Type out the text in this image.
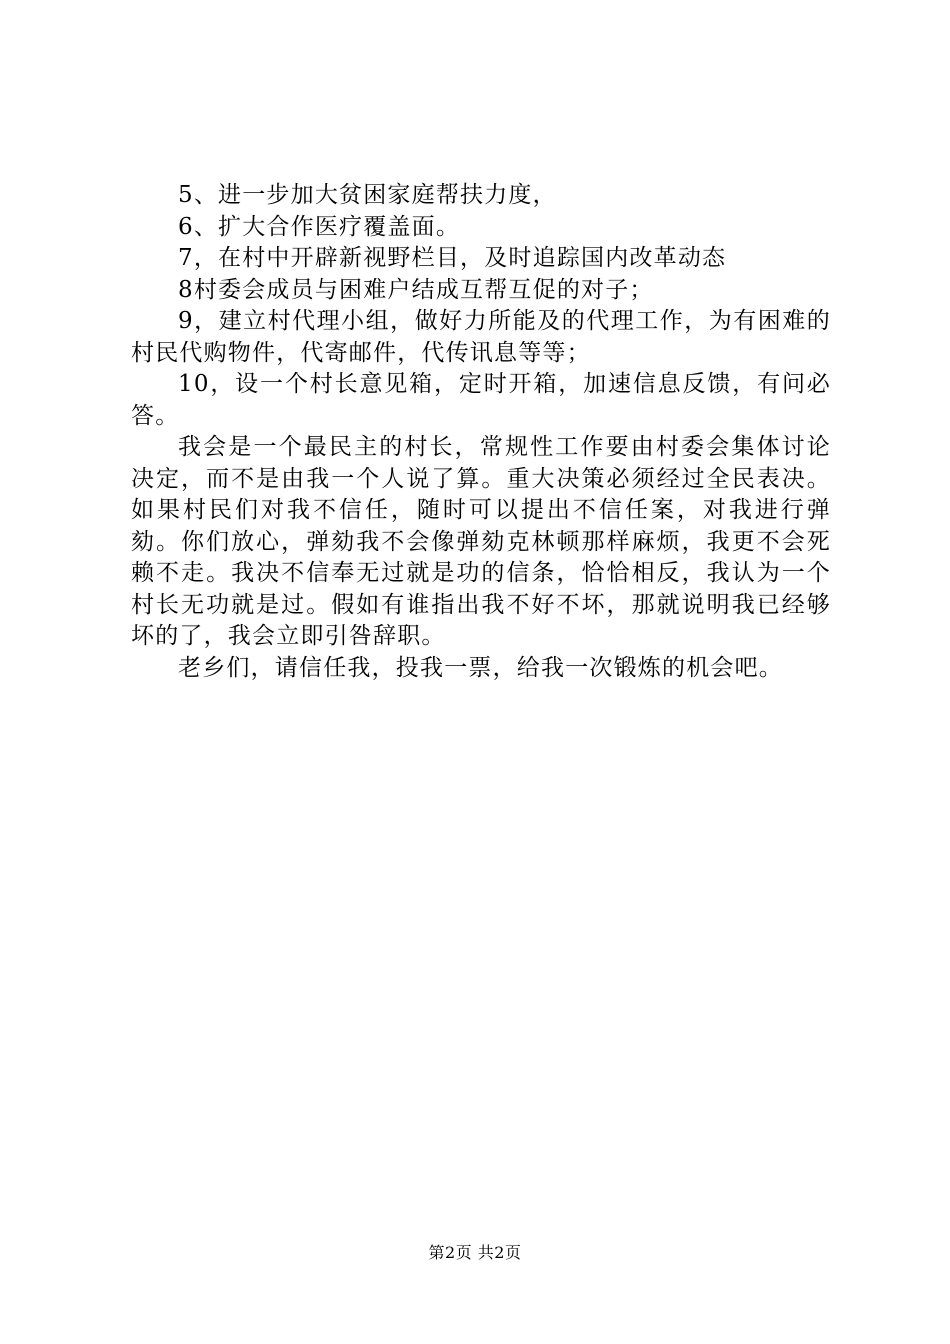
5、进一步加大贫困家庭帮扶力度，

6、扩大合作医疗覆盖面。

7，在村中开辟新视野栏目，及时追踪国内改革动态

8村委会成员与困难户结成互帮互促的对子；

9，建立村代理小组，做好力所能及的代理工作，为有困难的村民代购物件，代寄邮件，代传讯息等等；

10，设一个村长意见箱，定时开箱，加速信息反馈，有问必答。

我会是一个最民主的村长，常规性工作要由村委会集体讨论决定，而不是由我一个人说了算。重大决策必须经过全民表决。如果村民们对我不信任，随时可以提出不信任案，对我进行弹劾。你们放心，弹劾我不会像弹劾克林顿那样麻烦，我更不会死赖不走。我决不信奉无过就是功的信条，恰恰相反，我认为一个村长无功就是过。假如有谁指出我不好不坏，那就说明我已经够坏的了，我会立即引咎辞职。

老乡们，请信任我，投我一票，给我一次锻炼的机会吧。

第2页 共2页
